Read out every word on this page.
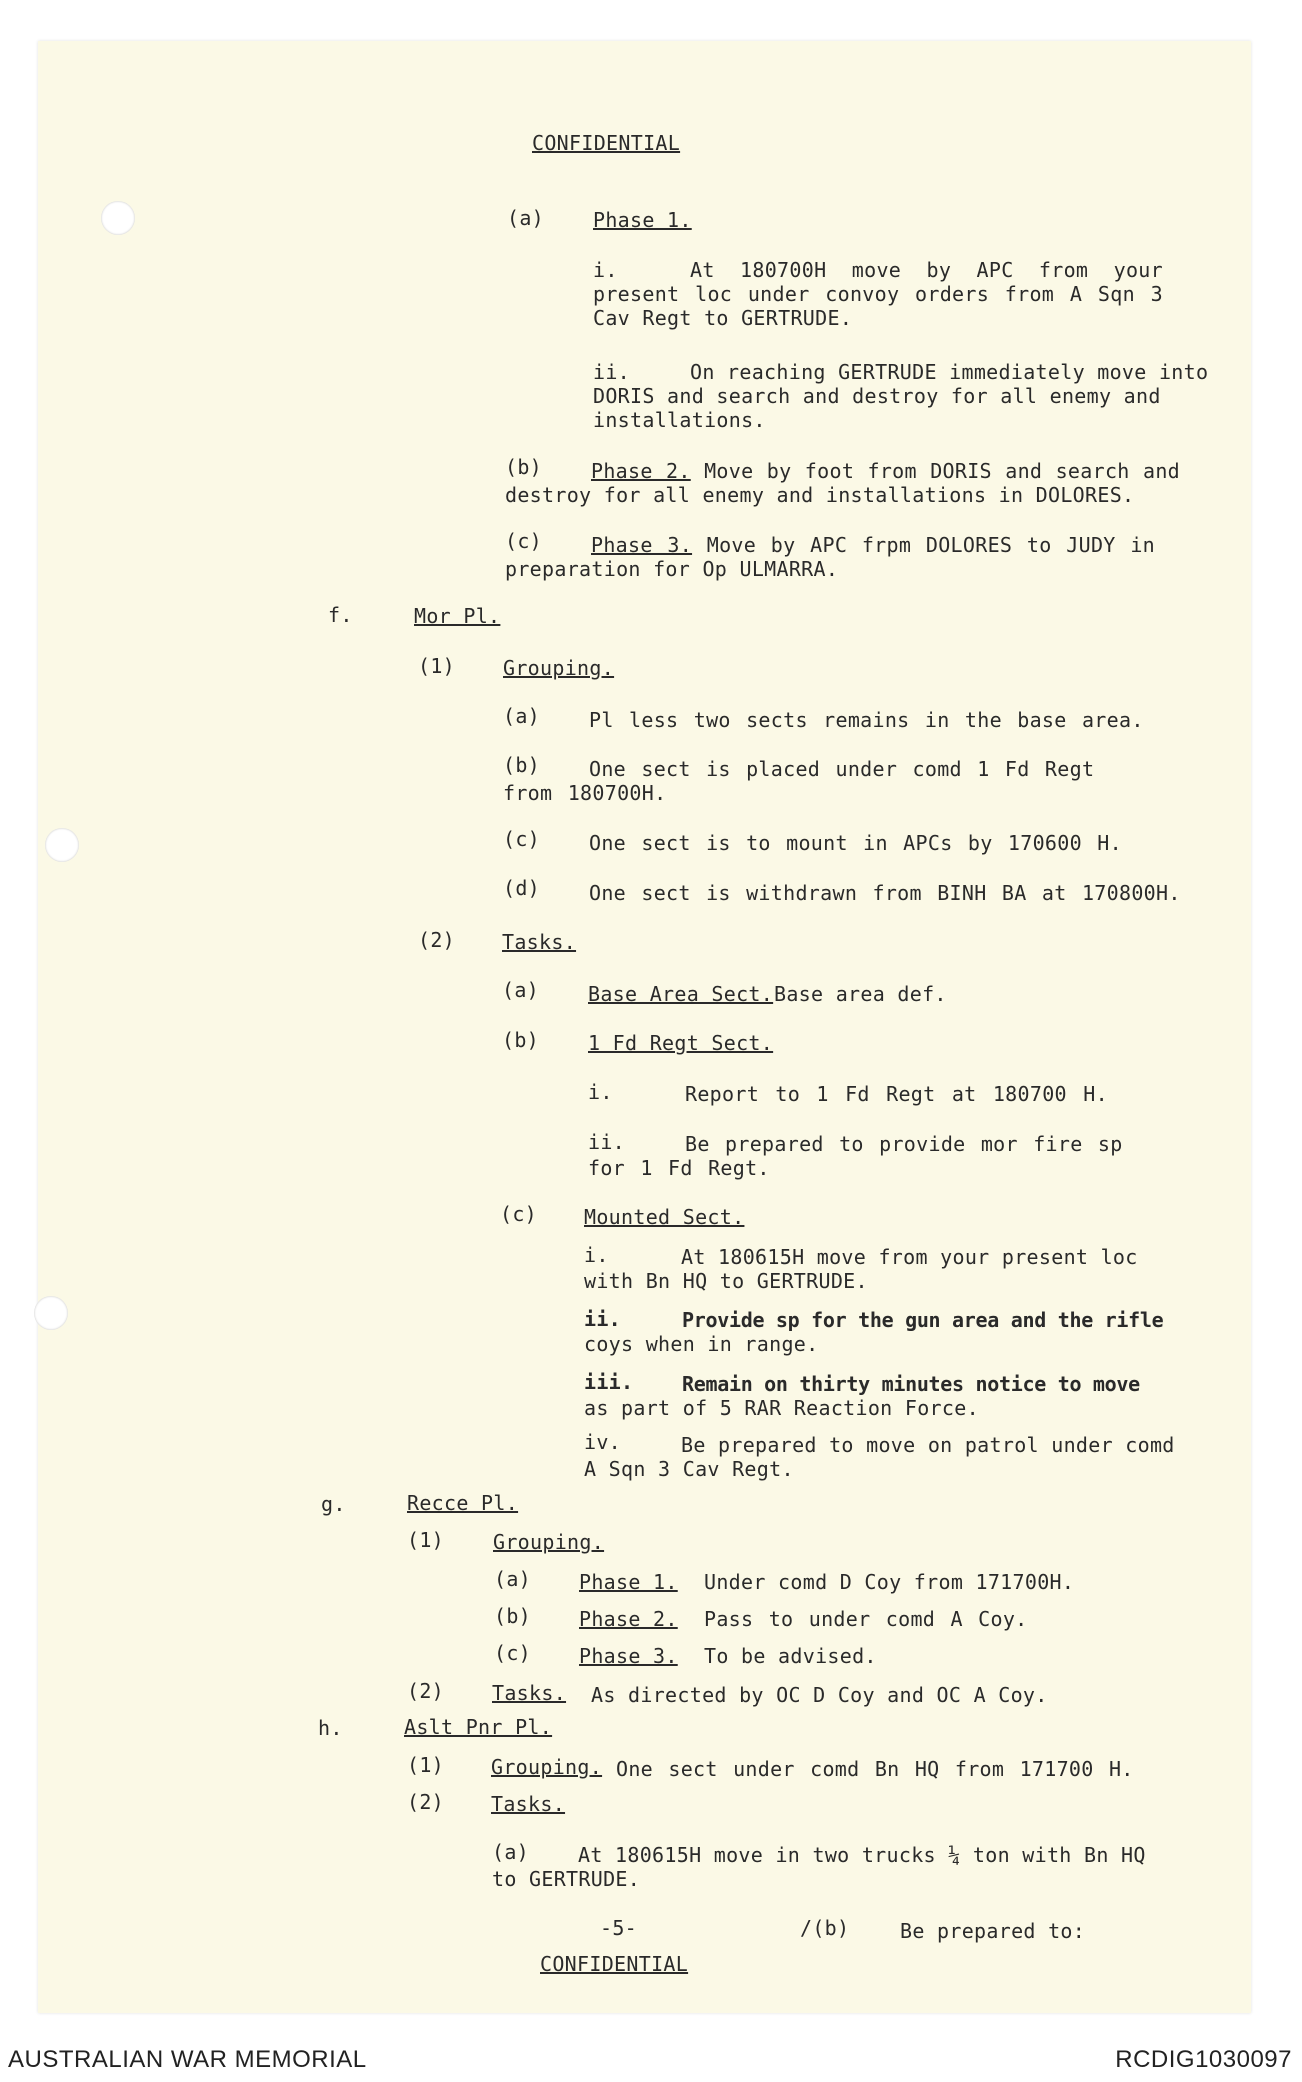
CONFIDENTIAL
(a) Phase 1.
i.	At 180700H move by APC from your present loc under convoy orders from A Sqn 3 Cav Regt to GERTRUDE.
ii.	On reaching GERTRUDE immediately move into DORIS and search and destroy for all enemy and installations.
(b)	Phase 2. Move by foot from DORIS and search and destroy for all enemy and installations in DOLORES.
(c)	Phase 3. Move by APC frpm DOLORES to JUDY in preparation for Op ULMARRA.
f.	Mor Pl.
(1) Grouping.
(a) Pl less two sects remains in the base area.
(b)	One sect is placed under comd 1 Fd Regt from 180700H.
(c) One sect is to mount in APCs by 170600 H.
(d) One sect is withdrawn from BINH BA at 170800H.
(2) Tasks.
(a) Base Area Sect. Base area def.
(b) 1 Fd Regt Sect.
i.	Report to 1 Fd Regt at 180700 H.
ii.	Be prepared to provide mor fire sp for 1 Fd Regt.
(c) Mounted Sect.
i.	At 180615H move from your present loc with Bn HQ to GERTRUDE.
ii.	Provide sp for the gun area and the rifle
coys when in range.
iii. Remain on thirty minutes notice to move
as part of 5 RAR Reaction Force.
iv.	Be prepared to move on patrol under comd A Sqn 3 Cav Regt.
g.	Recce Pl.
(1) Grouping.
(a) Phase 1. Under comd D Coy from 171700H.
(b) Phase 2. Pass to under comd A Coy.
(c) Phase 3. To be advised.
(2) Tasks. As directed by OC D Coy and OC A Coy.
h.	Aslt Pnr Pl.
(1) Grouping. One sect under comd Bn HQ from 171700 H.
(2) Tasks.
(a)	At 180615H move in two trucks ¼ ton with Bn HQ to GERTRUDE.
-5-	/(b)	Be prepared to:
CONFIDENTIAL
AUSTRALIAN WAR MEMORIAL	RCDIG1030097
